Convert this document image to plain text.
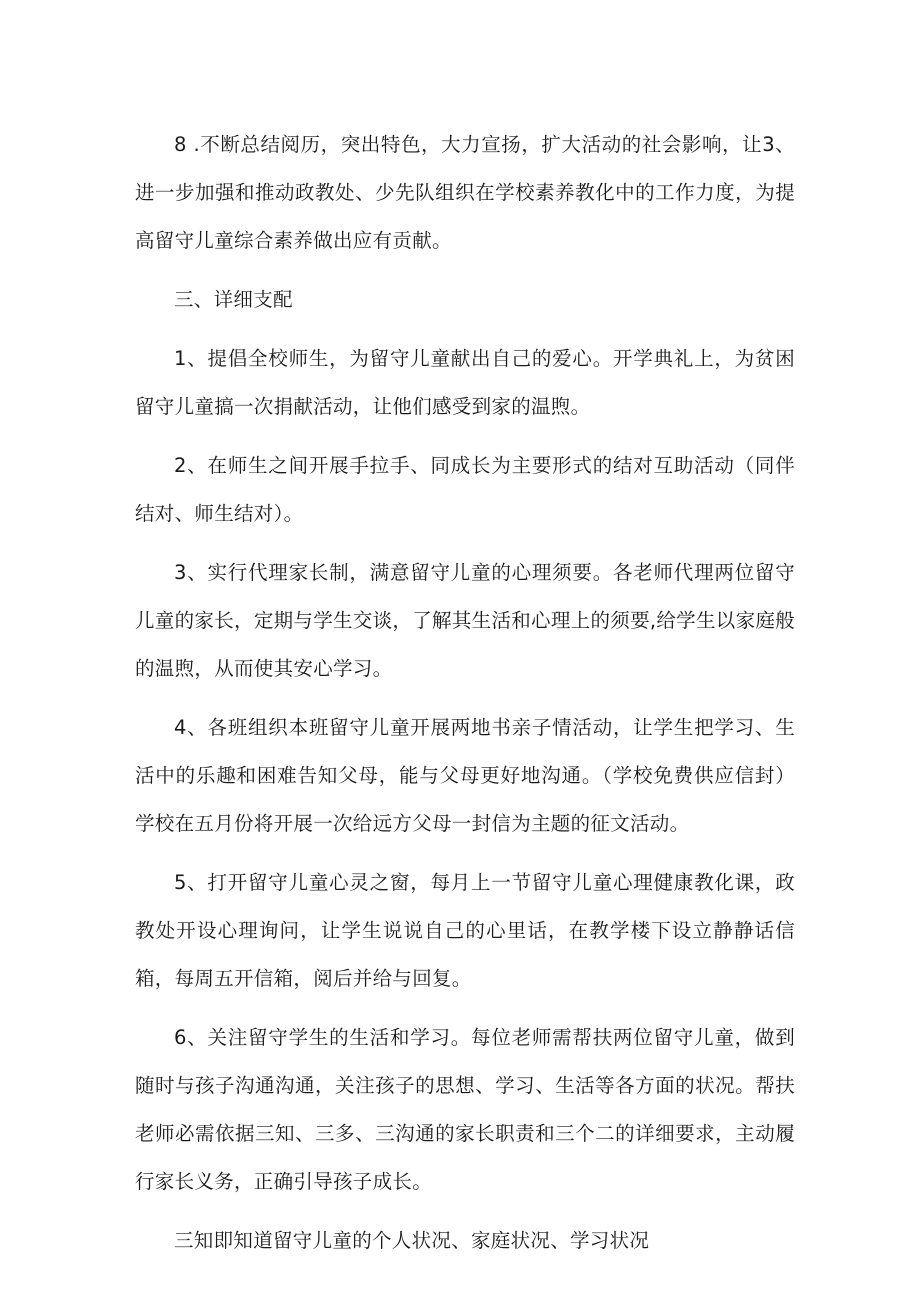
8 .不断总结阅历，突出特色，大力宣扬，扩大活动的社会影响，让3、进一步加强和推动政教处、少先队组织在学校素养教化中的工作力度，为提高留守儿童综合素养做出应有贡献。

三、详细支配

1、提倡全校师生，为留守儿童献出自己的爱心。开学典礼上，为贫困留守儿童搞一次捐献活动，让他们感受到家的温煦。

2、在师生之间开展手拉手、同成长为主要形式的结对互助活动（同伴结对、师生结对）。

3、实行代理家长制，满意留守儿童的心理须要。各老师代理两位留守儿童的家长，定期与学生交谈，了解其生活和心理上的须要,给学生以家庭般的温煦，从而使其安心学习。

4、各班组织本班留守儿童开展两地书亲子情活动，让学生把学习、生活中的乐趣和困难告知父母，能与父母更好地沟通。（学校免费供应信封）学校在五月份将开展一次给远方父母一封信为主题的征文活动。

5、打开留守儿童心灵之窗，每月上一节留守儿童心理健康教化课，政教处开设心理询问，让学生说说自己的心里话，在教学楼下设立静静话信箱，每周五开信箱，阅后并给与回复。

6、关注留守学生的生活和学习。每位老师需帮扶两位留守儿童，做到随时与孩子沟通沟通，关注孩子的思想、学习、生活等各方面的状况。帮扶老师必需依据三知、三多、三沟通的家长职责和三个二的详细要求，主动履行家长义务，正确引导孩子成长。

三知即知道留守儿童的个人状况、家庭状况、学习状况
